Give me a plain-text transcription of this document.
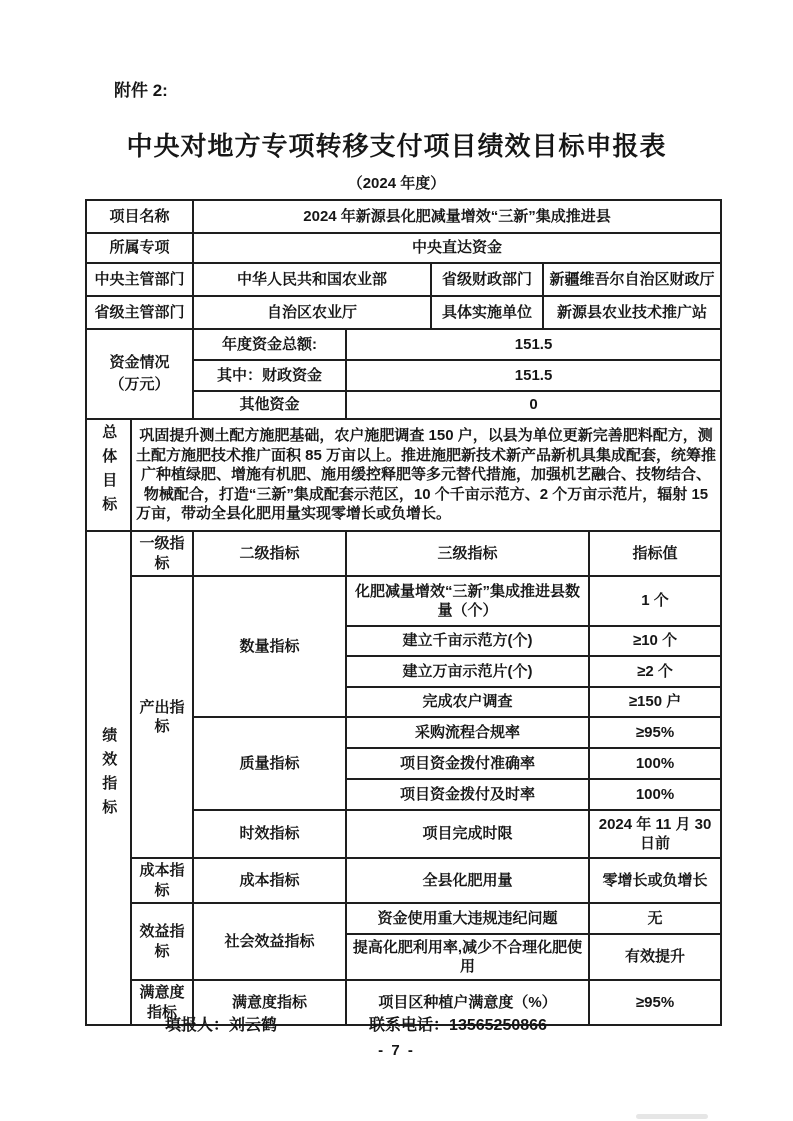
附件 2:
中央对地方专项转移支付项目绩效目标申报表
（2024 年度）
项目名称		2024 年新源县化肥减量增效“三新”集成推进县				
所属专项		中央直达资金				
中央主管部门		中华人民共和国农业部		省级财政部门	新疆维吾尔自治区财政厅	
省级主管部门		自治区农业厅		具体实施单位	新源县农业技术推广站	

资金情况
（万元）		年度资金总额:	151.5			
		其中：财政资金	151.5			
		其他资金	0			
总体目标	巩固提升测土配方施肥基础，农户施肥调查 150 户，以县为单位更新完善肥料配方，测土配方施肥技术推广面积 85 万亩以上。推进施肥新技术新产品新机具集成配套，统筹推广种植绿肥、增施有机肥、施用缓控释肥等多元替代措施，加强机艺融合、技物结合、物械配合，打造“三新”集成配套示范区，10 个千亩示范方、2 个万亩示范片，辐射 15 万亩，带动全县化肥用量实现零增长或负增长。					
绩效指标	一级指标	二级指标	三级指标			指标值
	产出指标	数量指标	化肥减量增效“三新”集成推进县数量（个）			1 个
			建立千亩示范方(个)			≥10 个
			建立万亩示范片(个)			≥2 个
			完成农户调查			≥150 户
		质量指标	采购流程合规率			≥95%
			项目资金拨付准确率			100%
			项目资金拨付及时率			100%
		时效指标	项目完成时限			2024 年 11 月 30 日前
	成本指标	成本指标	全县化肥用量			零增长或负增长
	效益指标	社会效益指标	资金使用重大违规违纪问题			无
			提高化肥利用率,减少不合理化肥使用			有效提升
	满意度指标	满意度指标	项目区种植户满意度（%）			≥95%
填报人： 刘云鹤	联系电话： 13565250866
- 7 -
